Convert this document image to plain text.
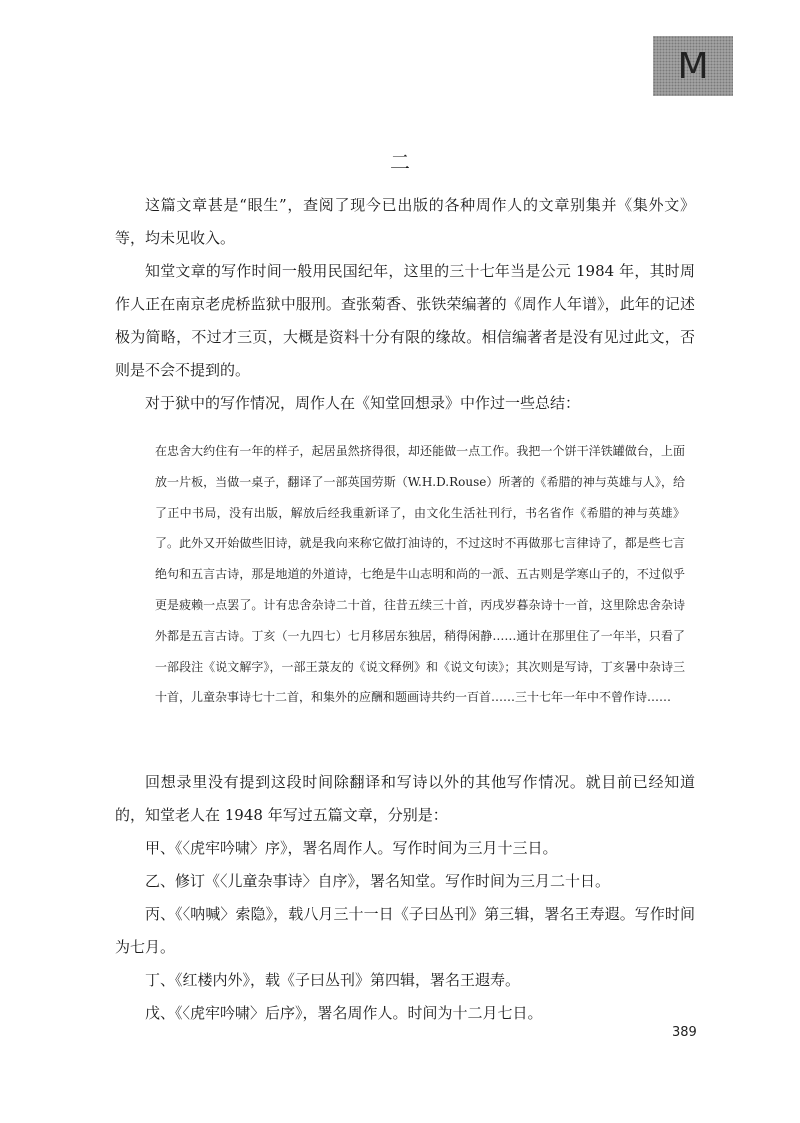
M
二

这篇文章甚是“眼生”，查阅了现今已出版的各种周作人的文章别集并《集外文》等，均未见收入。

知堂文章的写作时间一般用民国纪年，这里的三十七年当是公元 1984 年，其时周作人正在南京老虎桥监狱中服刑。查张菊香、张铁荣编著的《周作人年谱》，此年的记述极为简略，不过才三页，大概是资料十分有限的缘故。相信编著者是没有见过此文，否则是不会不提到的。

对于狱中的写作情况，周作人在《知堂回想录》中作过一些总结：

在忠舍大约住有一年的样子，起居虽然挤得很，却还能做一点工作。我把一个饼干洋铁罐做台，上面放一片板，当做一桌子，翻译了一部英国劳斯（W.H.D.Rouse）所著的《希腊的神与英雄与人》，给了正中书局，没有出版，解放后经我重新译了，由文化生活社刊行，书名省作《希腊的神与英雄》了。此外又开始做些旧诗，就是我向来称它做打油诗的，不过这时不再做那七言律诗了，都是些七言绝句和五言古诗，那是地道的外道诗，七绝是牛山志明和尚的一派、五古则是学寒山子的，不过似乎更是疲赖一点罢了。计有忠舍杂诗二十首，往昔五续三十首，丙戌岁暮杂诗十一首，这里除忠舍杂诗外都是五言古诗。丁亥（一九四七）七月移居东独居，稍得闲静……通计在那里住了一年半，只看了一部段注《说文解字》，一部王菉友的《说文释例》和《说文句读》；其次则是写诗，丁亥暑中杂诗三十首，儿童杂事诗七十二首，和集外的应酬和题画诗共约一百首……三十七年一年中不曾作诗……

回想录里没有提到这段时间除翻译和写诗以外的其他写作情况。就目前已经知道的，知堂老人在 1948 年写过五篇文章，分别是：

甲、《〈虎牢吟啸〉序》，署名周作人。写作时间为三月十三日。

乙、修订《〈儿童杂事诗〉自序》，署名知堂。写作时间为三月二十日。

丙、《〈呐喊〉索隐》，载八月三十一日《子曰丛刊》第三辑，署名王寿遐。写作时间为七月。

丁、《红楼内外》，载《子曰丛刊》第四辑，署名王遐寿。

戊、《〈虎牢吟啸〉后序》，署名周作人。时间为十二月七日。

389
